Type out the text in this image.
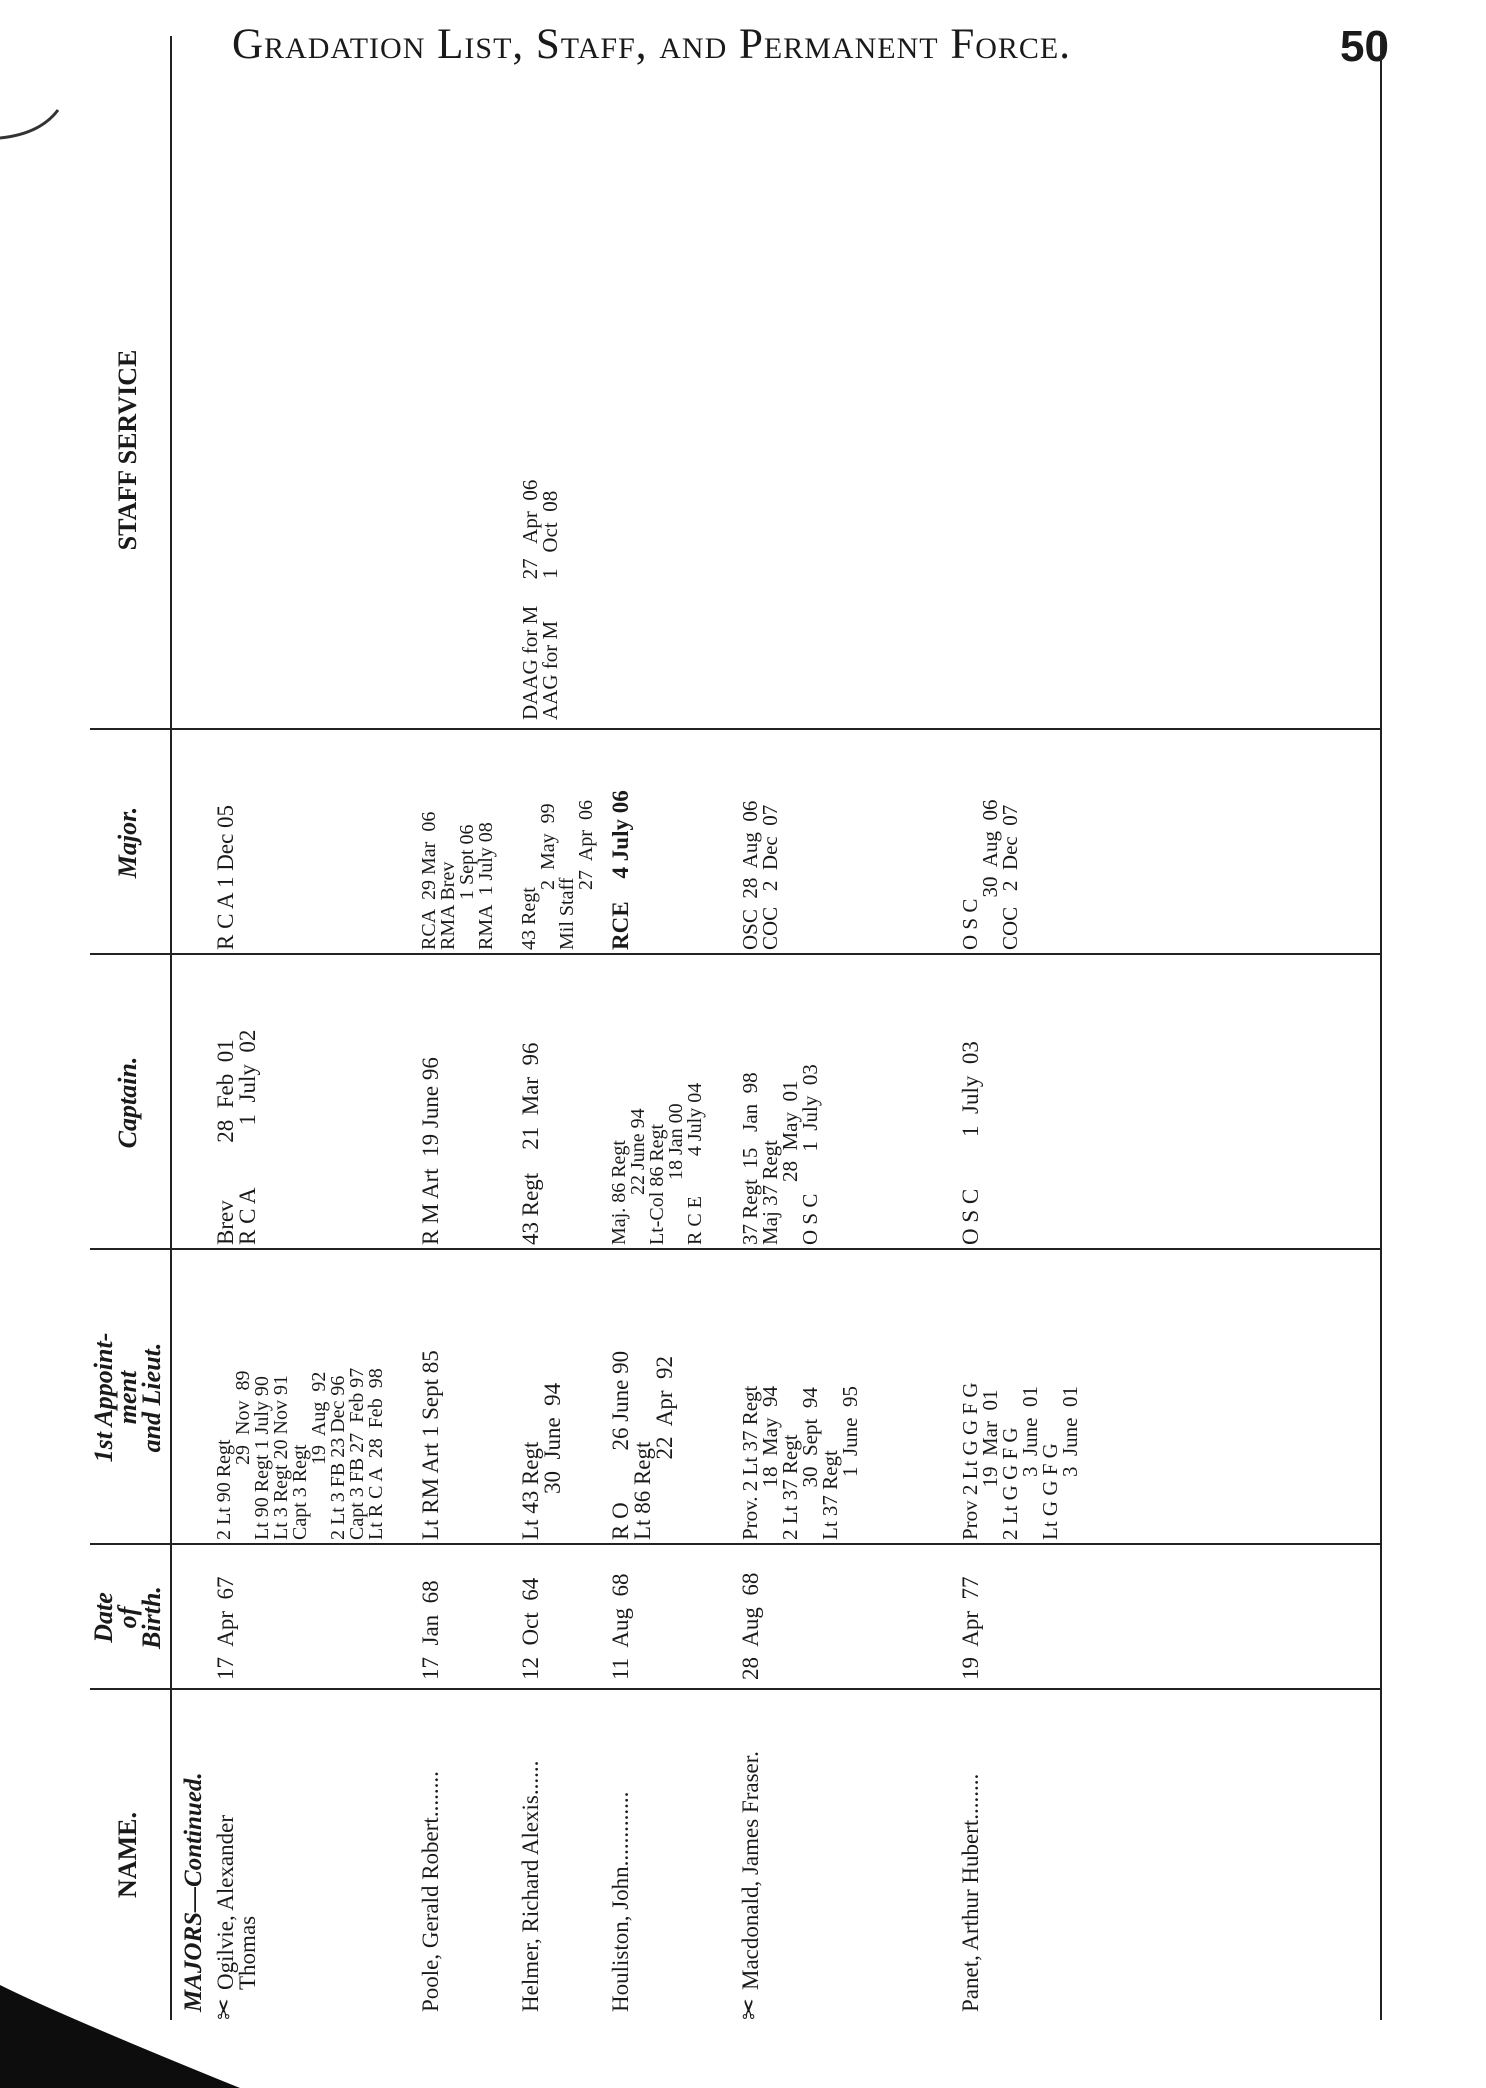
Gradation List, Staff, and Permanent Force.	50
NAME.
Date
of
Birth.
1st Appoint-
ment
and Lieut.
Captain.
Major.
STAFF SERVICE
MAJORS—Continued. ✂
Ogilvie, Alexander
Thomas
17  Apr  67
2 Lt 90 Regt
29  Nov  89
Lt 90 Regt 1 July 90
Lt 3 Regt 20 Nov 91
Capt 3 Regt
19  Aug  92
2 Lt 3 FB 23 Dec 96
Capt 3 FB 27  Feb 97
Lt R C A  28  Feb  98
Brev          28  Feb  01
R C A           1  July  02
R C A 1 Dec 05
Poole, Gerald Robert........
17  Jan  68
Lt RM Art 1 Sept 85
R M Art  19 June 96
RCA  29 Mar  06
RMA Brev
1 Sept 06
RMA  1 July 08
Helmer, Richard Alexis......
12  Oct  64
Lt 43 Regt
30  June  94
43 Regt    21  Mar  96
43 Regt
2  May  99
Mil Staff
27  Apr  06
DAAG for M     27   Apr  06
AAG for M        1   Oct  08
Houliston, John.............
11  Aug  68
R O         26 June 90
Lt 86 Regt
22  Apr  92
Maj. 86 Regt
22 June 94
Lt-Col 86 Regt
18 Jan 00
R C E        4 July 04
RCE    4 July 06
✂
Macdonald, James Fraser.
28  Aug  68
Prov. 2 Lt 37 Regt
18  May  94
2 Lt 37 Regt
30  Sept  94
Lt 37 Regt
1  June  95
37 Regt  15   Jan  98
Maj 37 Regt
28  May  01
O S C        1  July  03
OSC  28  Aug  06
COC   2  Dec  07
Panet, Arthur Hubert........
19  Apr  77
Prov 2 Lt G G F G
19  Mar  01
2 Lt G G F G
3  June  01
Lt G G F G
3  June  01
O S C         1  July  03
O S C
30  Aug  06
COC   2  Dec  07
